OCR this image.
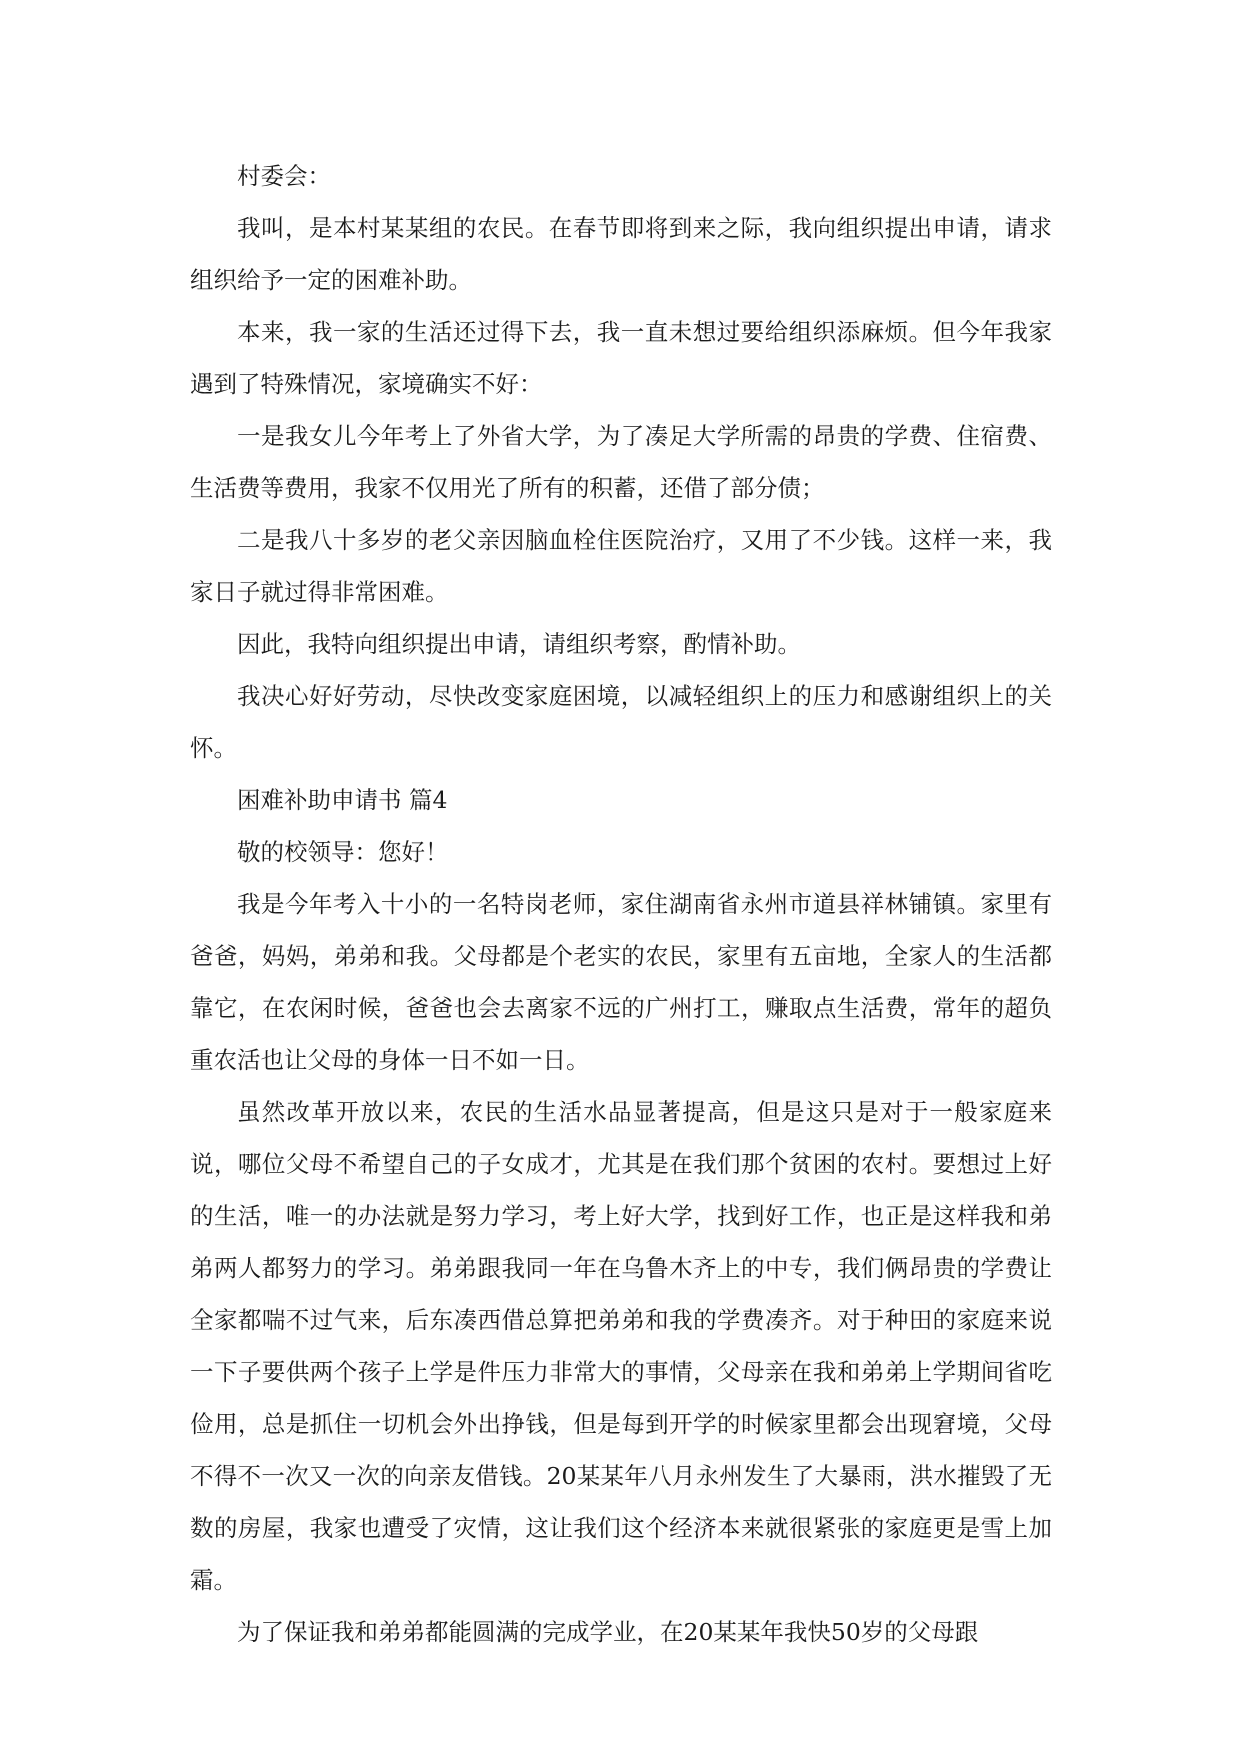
村委会：

我叫，是本村某某组的农民。在春节即将到来之际，我向组织提出申请，请求组织给予一定的困难补助。

本来，我一家的生活还过得下去，我一直未想过要给组织添麻烦。但今年我家遇到了特殊情况，家境确实不好：

一是我女儿今年考上了外省大学，为了凑足大学所需的昂贵的学费、住宿费、生活费等费用，我家不仅用光了所有的积蓄，还借了部分债；

二是我八十多岁的老父亲因脑血栓住医院治疗，又用了不少钱。这样一来，我家日子就过得非常困难。

因此，我特向组织提出申请，请组织考察，酌情补助。

我决心好好劳动，尽快改变家庭困境，以减轻组织上的压力和感谢组织上的关怀。

困难补助申请书 篇4

敬的校领导：您好！

我是今年考入十小的一名特岗老师，家住湖南省永州市道县祥林铺镇。家里有爸爸，妈妈，弟弟和我。父母都是个老实的农民，家里有五亩地，全家人的生活都靠它，在农闲时候，爸爸也会去离家不远的广州打工，赚取点生活费，常年的超负重农活也让父母的身体一日不如一日。

虽然改革开放以来，农民的生活水品显著提高，但是这只是对于一般家庭来说，哪位父母不希望自己的子女成才，尤其是在我们那个贫困的农村。要想过上好的生活，唯一的办法就是努力学习，考上好大学，找到好工作，也正是这样我和弟弟两人都努力的学习。弟弟跟我同一年在乌鲁木齐上的中专，我们俩昂贵的学费让全家都喘不过气来，后东凑西借总算把弟弟和我的学费凑齐。对于种田的家庭来说一下子要供两个孩子上学是件压力非常大的事情，父母亲在我和弟弟上学期间省吃俭用，总是抓住一切机会外出挣钱，但是每到开学的时候家里都会出现窘境，父母不得不一次又一次的向亲友借钱。20某某年八月永州发生了大暴雨，洪水摧毁了无数的房屋，我家也遭受了灾情，这让我们这个经济本来就很紧张的家庭更是雪上加霜。

为了保证我和弟弟都能圆满的完成学业，在20某某年我快50岁的父母跟
